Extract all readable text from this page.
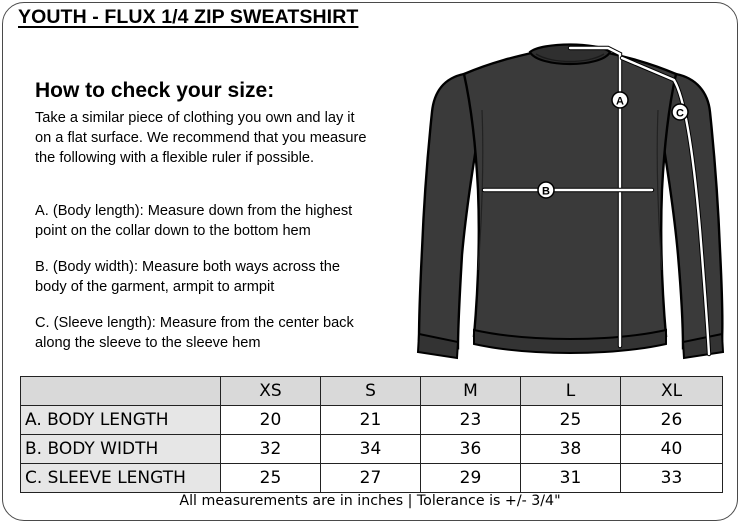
YOUTH - FLUX 1/4 ZIP SWEATSHIRT
How to check your size:
Take a similar piece of clothing you own and lay it
on a flat surface. We recommend that you measure
the following with a flexible ruler if possible.
A. (Body length): Measure down from the highest
point on the collar down to the bottom hem
B. (Body width): Measure both ways across the
body of the garment, armpit to armpit
C. (Sleeve length): Measure from the center back
along the sleeve to the sleeve hem
A
B
C
	XS	S	M	L	XL
A. BODY LENGTH	20	21	23	25	26
B. BODY WIDTH	32	34	36	38	40
C. SLEEVE LENGTH	25	27	29	31	33
All measurements are in inches | Tolerance is +/- 3/4"
